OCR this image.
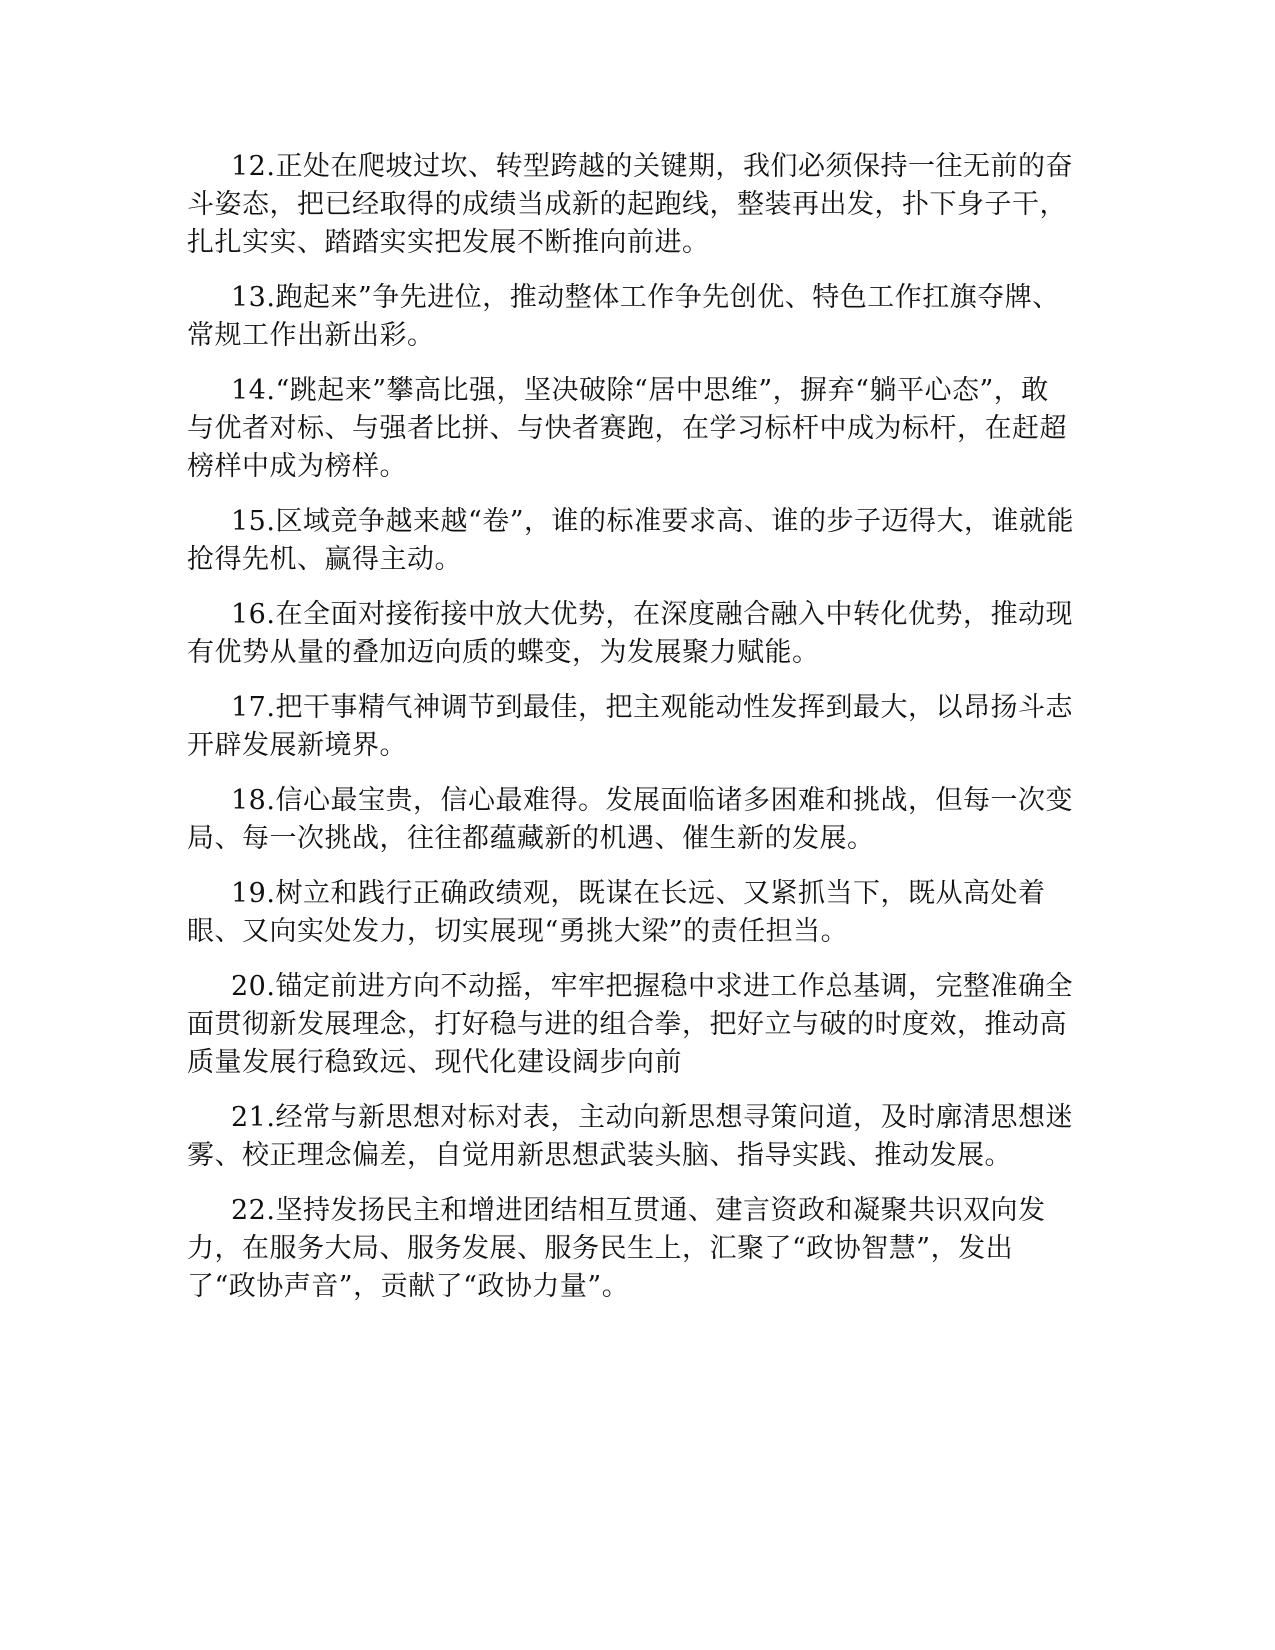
12.正处在爬坡过坎、转型跨越的关键期，我们必须保持一往无前的奋斗姿态，把已经取得的成绩当成新的起跑线，整装再出发，扑下身子干，扎扎实实、踏踏实实把发展不断推向前进。

13.跑起来”争先进位，推动整体工作争先创优、特色工作扛旗夺牌、常规工作出新出彩。

14.“跳起来”攀高比强，坚决破除“居中思维”，摒弃“躺平心态”，敢与优者对标、与强者比拼、与快者赛跑，在学习标杆中成为标杆，在赶超榜样中成为榜样。

15.区域竞争越来越“卷”，谁的标准要求高、谁的步子迈得大，谁就能抢得先机、赢得主动。

16.在全面对接衔接中放大优势，在深度融合融入中转化优势，推动现有优势从量的叠加迈向质的蝶变，为发展聚力赋能。

17.把干事精气神调节到最佳，把主观能动性发挥到最大，以昂扬斗志开辟发展新境界。

18.信心最宝贵，信心最难得。发展面临诸多困难和挑战，但每一次变局、每一次挑战，往往都蕴藏新的机遇、催生新的发展。

19.树立和践行正确政绩观，既谋在长远、又紧抓当下，既从高处着眼、又向实处发力，切实展现“勇挑大梁”的责任担当。

20.锚定前进方向不动摇，牢牢把握稳中求进工作总基调，完整准确全面贯彻新发展理念，打好稳与进的组合拳，把好立与破的时度效，推动高质量发展行稳致远、现代化建设阔步向前

21.经常与新思想对标对表，主动向新思想寻策问道，及时廓清思想迷雾、校正理念偏差，自觉用新思想武装头脑、指导实践、推动发展。

22.坚持发扬民主和增进团结相互贯通、建言资政和凝聚共识双向发力，在服务大局、服务发展、服务民生上，汇聚了“政协智慧”，发出了“政协声音”，贡献了“政协力量”。
